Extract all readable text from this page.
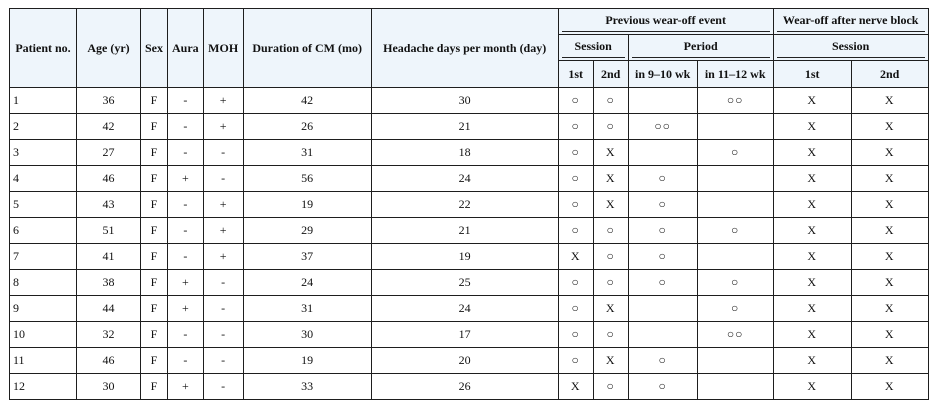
Patient no.	Age (yr)	Sex	Aura	MOH	Duration of CM (mo)	Headache days per month (day)	Previous wear-off event				Wear-off after nerve block	

							Session		Period		Session	

							1st	2nd	in 9–10 wk	in 11–12 wk	1st	2nd
1	36	F	-	+	42	30	○	○		○○	X	X
2	42	F	-	+	26	21	○	○	○○		X	X
3	27	F	-	-	31	18	○	X		○	X	X
4	46	F	+	-	56	24	○	X	○		X	X
5	43	F	-	+	19	22	○	X	○		X	X
6	51	F	-	+	29	21	○	○	○	○	X	X
7	41	F	-	+	37	19	X	○	○		X	X
8	38	F	+	-	24	25	○	○	○	○	X	X
9	44	F	+	-	31	24	○	X		○	X	X
10	32	F	-	-	30	17	○	○		○○	X	X
11	46	F	-	-	19	20	○	X	○		X	X
12	30	F	+	-	33	26	X	○	○		X	X
